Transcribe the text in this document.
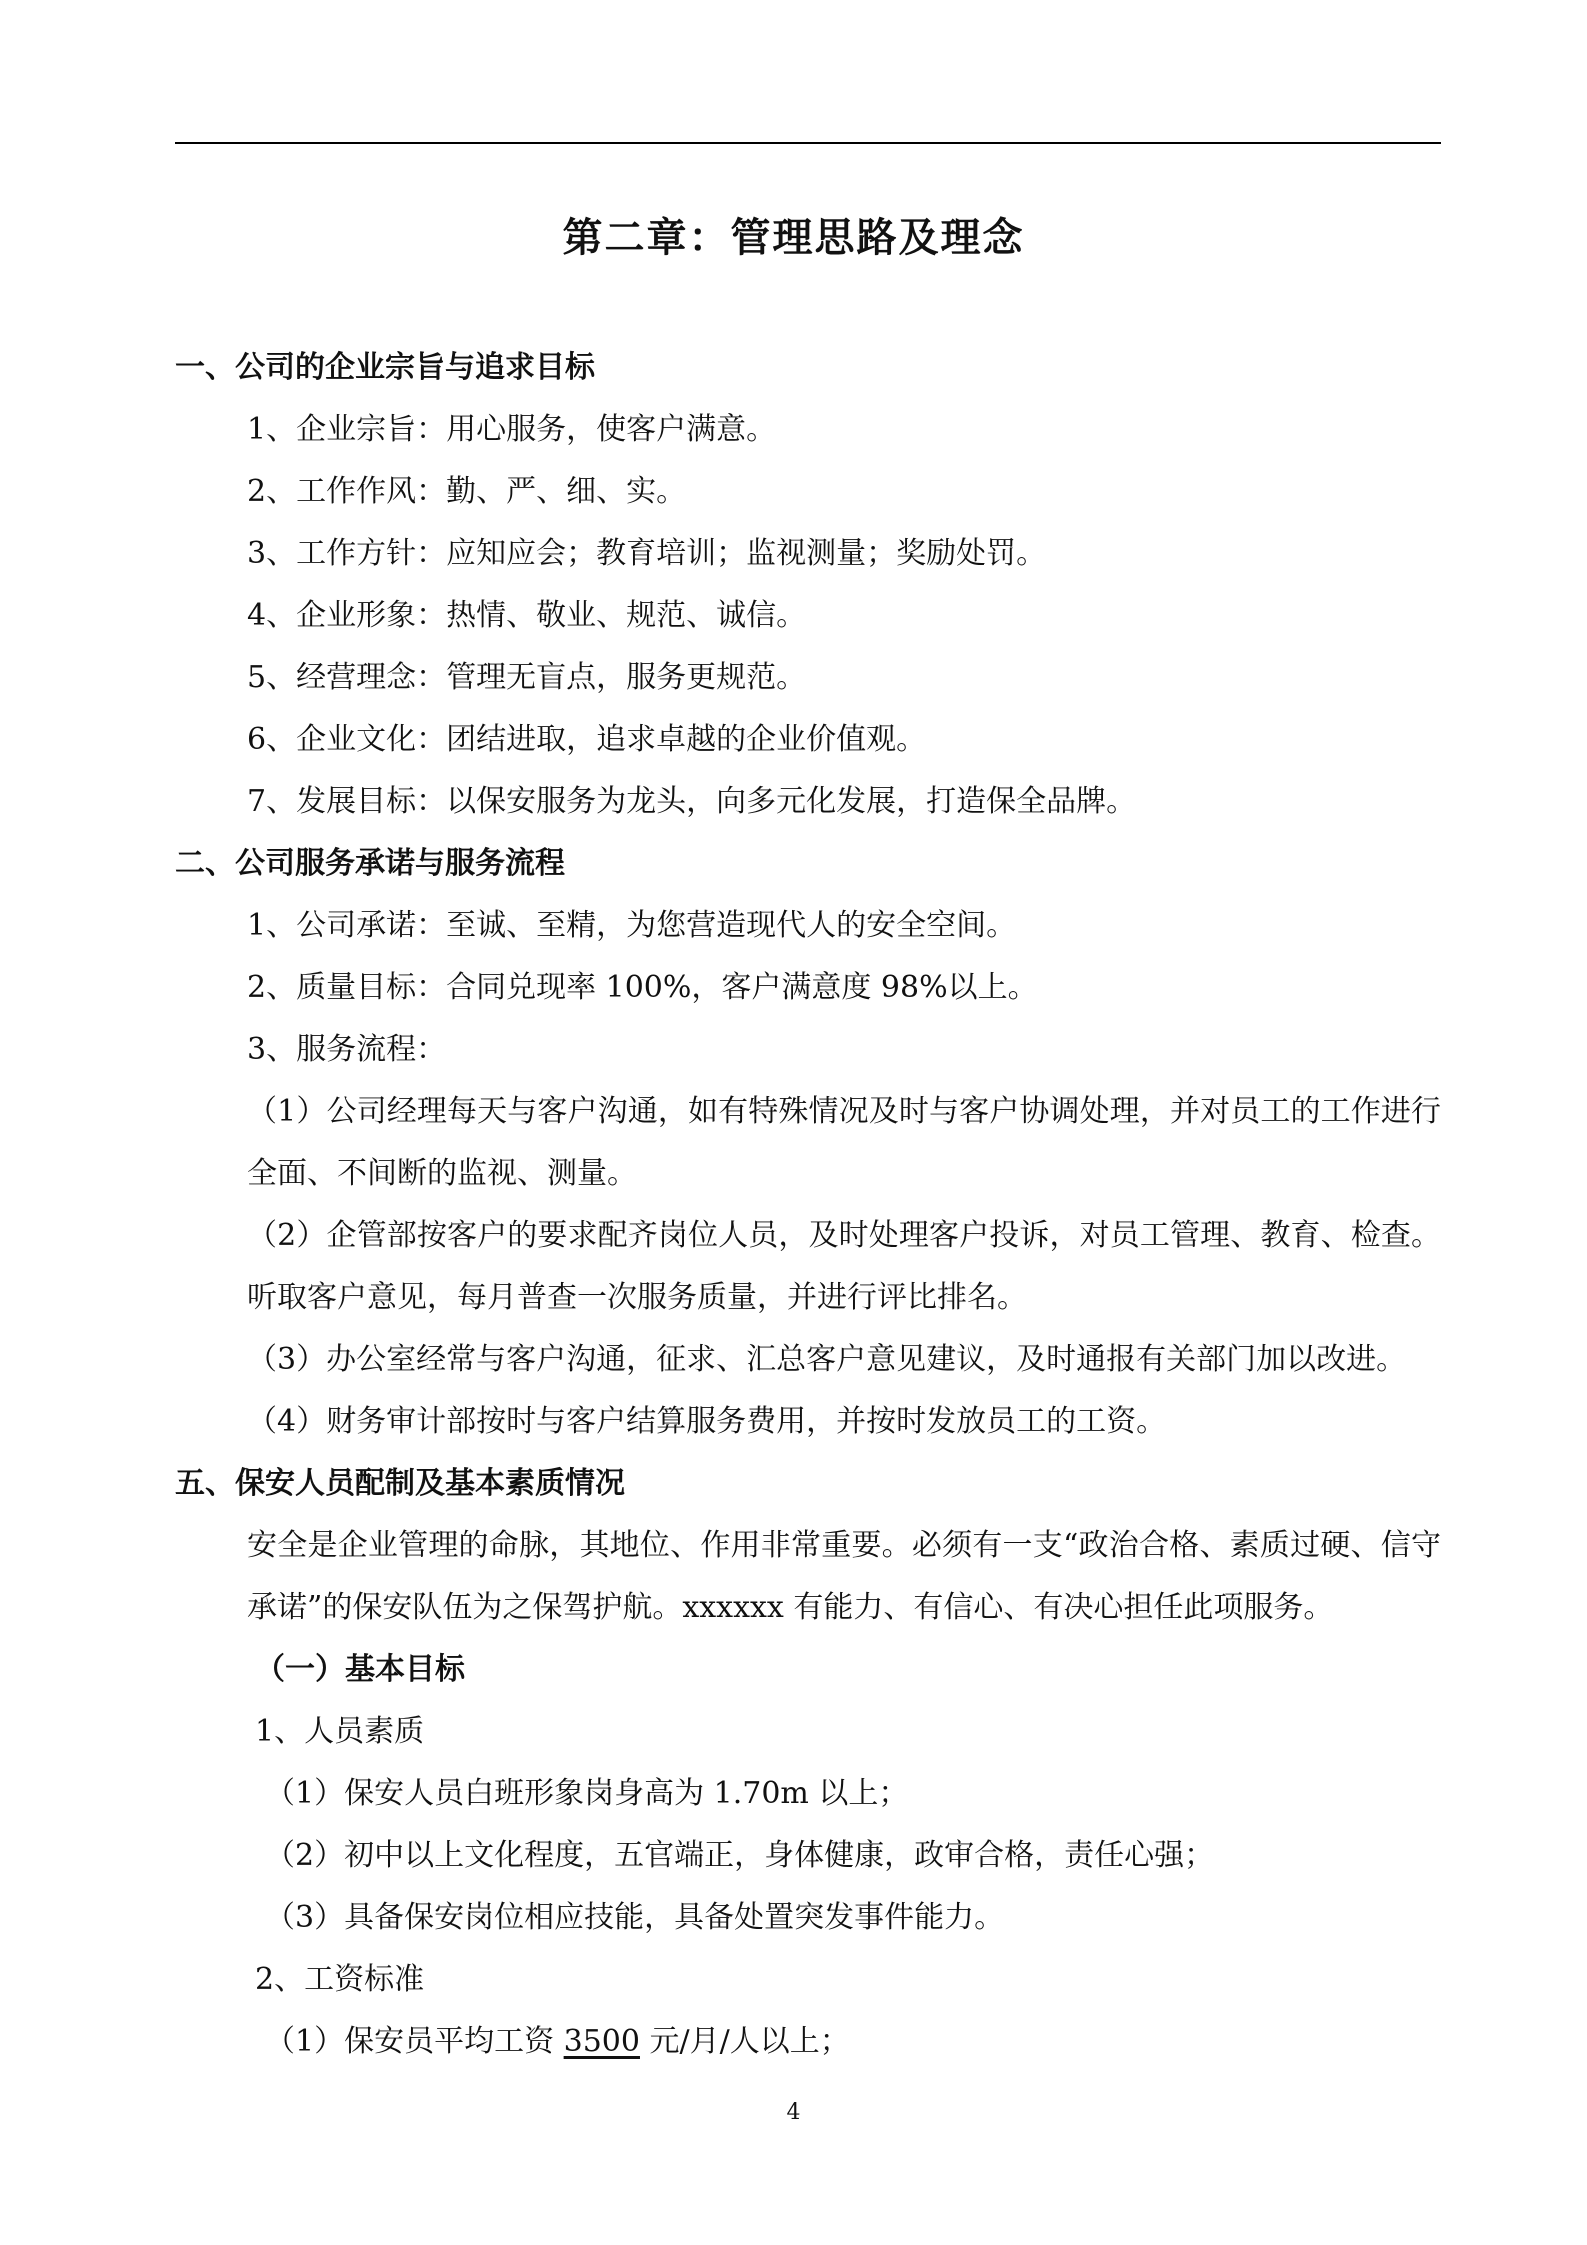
第二章：管理思路及理念
一、公司的企业宗旨与追求目标
1、企业宗旨：用心服务，使客户满意。
2、工作作风：勤、严、细、实。
3、工作方针：应知应会；教育培训；监视测量；奖励处罚。
4、企业形象：热情、敬业、规范、诚信。
5、经营理念：管理无盲点，服务更规范。
6、企业文化：团结进取，追求卓越的企业价值观。
7、发展目标：以保安服务为龙头，向多元化发展，打造保全品牌。
二、公司服务承诺与服务流程
1、公司承诺：至诚、至精，为您营造现代人的安全空间。
2、质量目标：合同兑现率 100%，客户满意度 98%以上。
3、服务流程：
（1）公司经理每天与客户沟通，如有特殊情况及时与客户协调处理，并对员工的工作进行全面、不间断的监视、测量。
（2）企管部按客户的要求配齐岗位人员，及时处理客户投诉，对员工管理、教育、检查。听取客户意见，每月普查一次服务质量，并进行评比排名。
（3）办公室经常与客户沟通，征求、汇总客户意见建议，及时通报有关部门加以改进。
（4）财务审计部按时与客户结算服务费用，并按时发放员工的工资。
五、保安人员配制及基本素质情况
安全是企业管理的命脉，其地位、作用非常重要。必须有一支“政治合格、素质过硬、信守承诺”的保安队伍为之保驾护航。xxxxxx 有能力、有信心、有决心担任此项服务。
（一）基本目标
1、人员素质
（1）保安人员白班形象岗身高为 1.70m 以上；
（2）初中以上文化程度，五官端正，身体健康，政审合格，责任心强；
（3）具备保安岗位相应技能，具备处置突发事件能力。
2、工资标准
（1）保安员平均工资 3500 元/月/人以上；
4
